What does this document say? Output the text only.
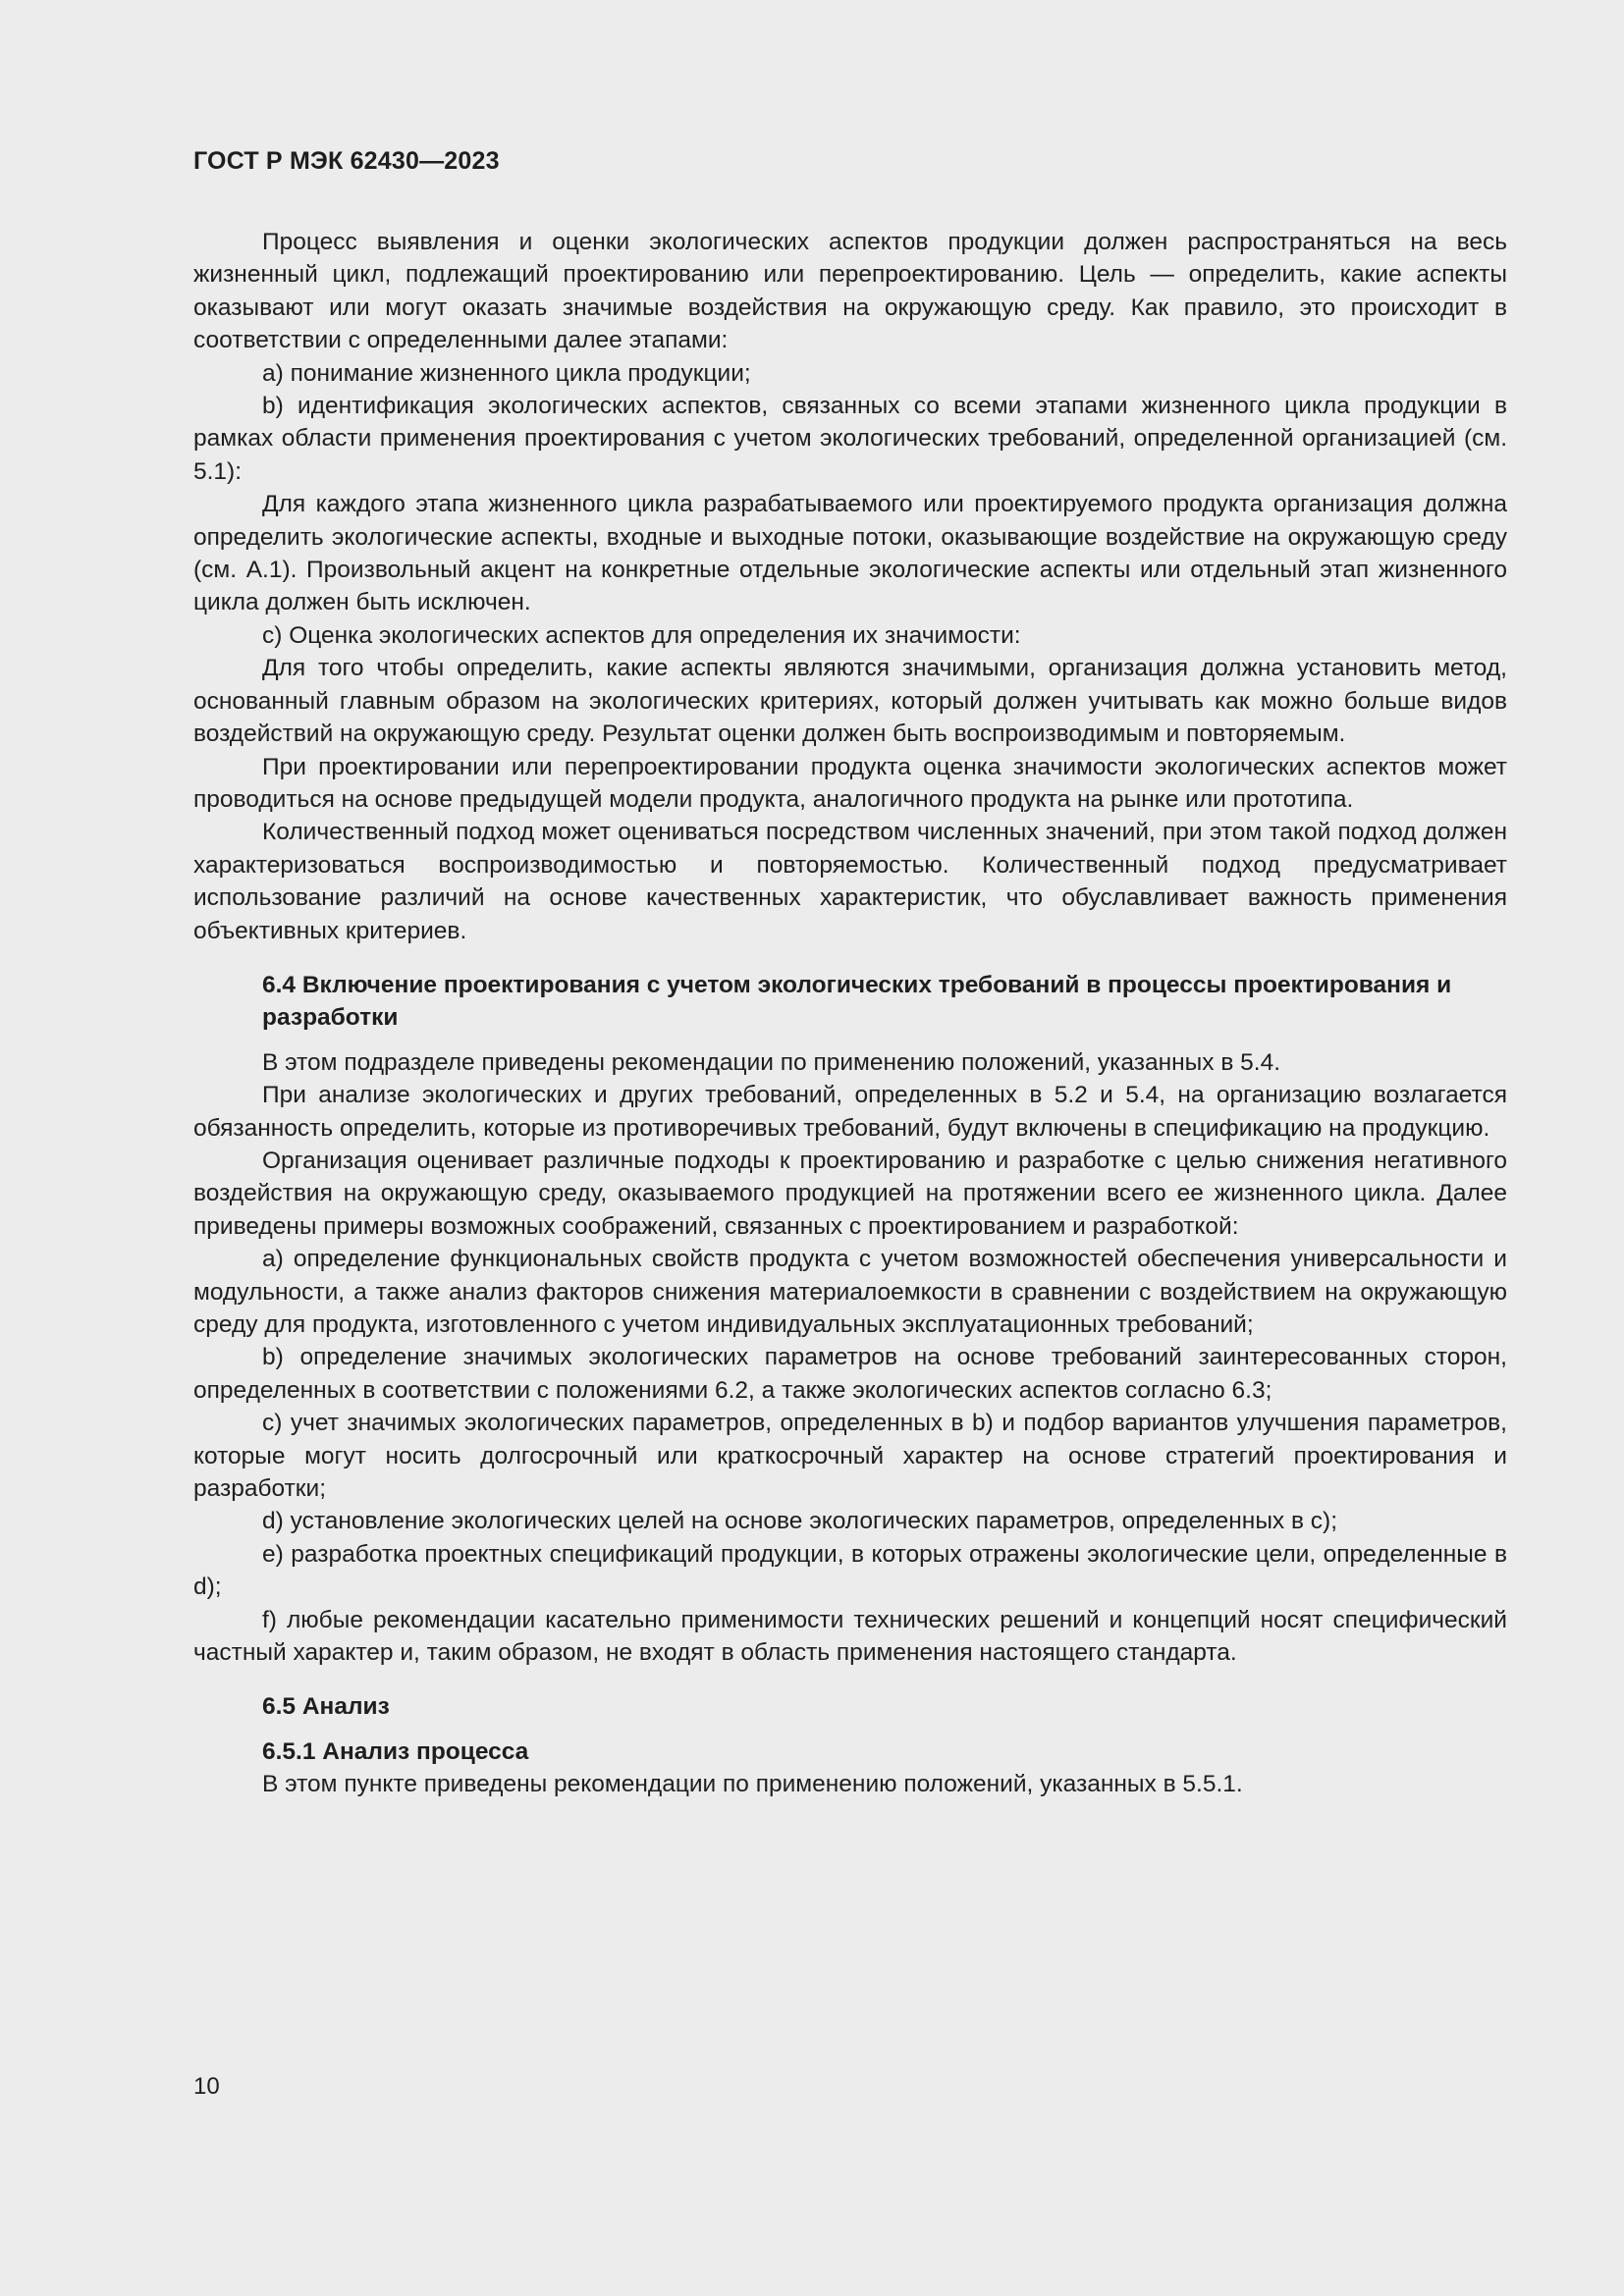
ГОСТ Р МЭК 62430—2023

Процесс выявления и оценки экологических аспектов продукции должен распространяться на весь жизненный цикл, подлежащий проектированию или перепроектированию. Цель — определить, какие аспекты оказывают или могут оказать значимые воздействия на окружающую среду. Как правило, это происходит в соответствии с определенными далее этапами:

а) понимание жизненного цикла продукции;

b) идентификация экологических аспектов, связанных со всеми этапами жизненного цикла продукции в рамках области применения проектирования с учетом экологических требований, определенной организацией (см. 5.1):

Для каждого этапа жизненного цикла разрабатываемого или проектируемого продукта организация должна определить экологические аспекты, входные и выходные потоки, оказывающие воздействие на окружающую среду (см. А.1). Произвольный акцент на конкретные отдельные экологические аспекты или отдельный этап жизненного цикла должен быть исключен.

с) Оценка экологических аспектов для определения их значимости:

Для того чтобы определить, какие аспекты являются значимыми, организация должна установить метод, основанный главным образом на экологических критериях, который должен учитывать как можно больше видов воздействий на окружающую среду. Результат оценки должен быть воспроизводимым и повторяемым.

При проектировании или перепроектировании продукта оценка значимости экологических аспектов может проводиться на основе предыдущей модели продукта, аналогичного продукта на рынке или прототипа.

Количественный подход может оцениваться посредством численных значений, при этом такой подход должен характеризоваться воспроизводимостью и повторяемостью. Количественный подход предусматривает использование различий на основе качественных характеристик, что обуславливает важность применения объективных критериев.

6.4 Включение проектирования с учетом экологических требований в процессы проектирования и разработки

В этом подразделе приведены рекомендации по применению положений, указанных в 5.4.

При анализе экологических и других требований, определенных в 5.2 и 5.4, на организацию возлагается обязанность определить, которые из противоречивых требований, будут включены в спецификацию на продукцию.

Организация оценивает различные подходы к проектированию и разработке с целью снижения негативного воздействия на окружающую среду, оказываемого продукцией на протяжении всего ее жизненного цикла. Далее приведены примеры возможных соображений, связанных с проектированием и разработкой:

а) определение функциональных свойств продукта с учетом возможностей обеспечения универсальности и модульности, а также анализ факторов снижения материалоемкости в сравнении с воздействием на окружающую среду для продукта, изготовленного с учетом индивидуальных эксплуатационных требований;

b) определение значимых экологических параметров на основе требований заинтересованных сторон, определенных в соответствии с положениями 6.2, а также экологических аспектов согласно 6.3;

с) учет значимых экологических параметров, определенных в b) и подбор вариантов улучшения параметров, которые могут носить долгосрочный или краткосрочный характер на основе стратегий проектирования и разработки;

d) установление экологических целей на основе экологических параметров, определенных в с);

е) разработка проектных спецификаций продукции, в которых отражены экологические цели, определенные в d);

f) любые рекомендации касательно применимости технических решений и концепций носят специфический частный характер и, таким образом, не входят в область применения настоящего стандарта.

6.5 Анализ

6.5.1 Анализ процесса

В этом пункте приведены рекомендации по применению положений, указанных в 5.5.1.

10
